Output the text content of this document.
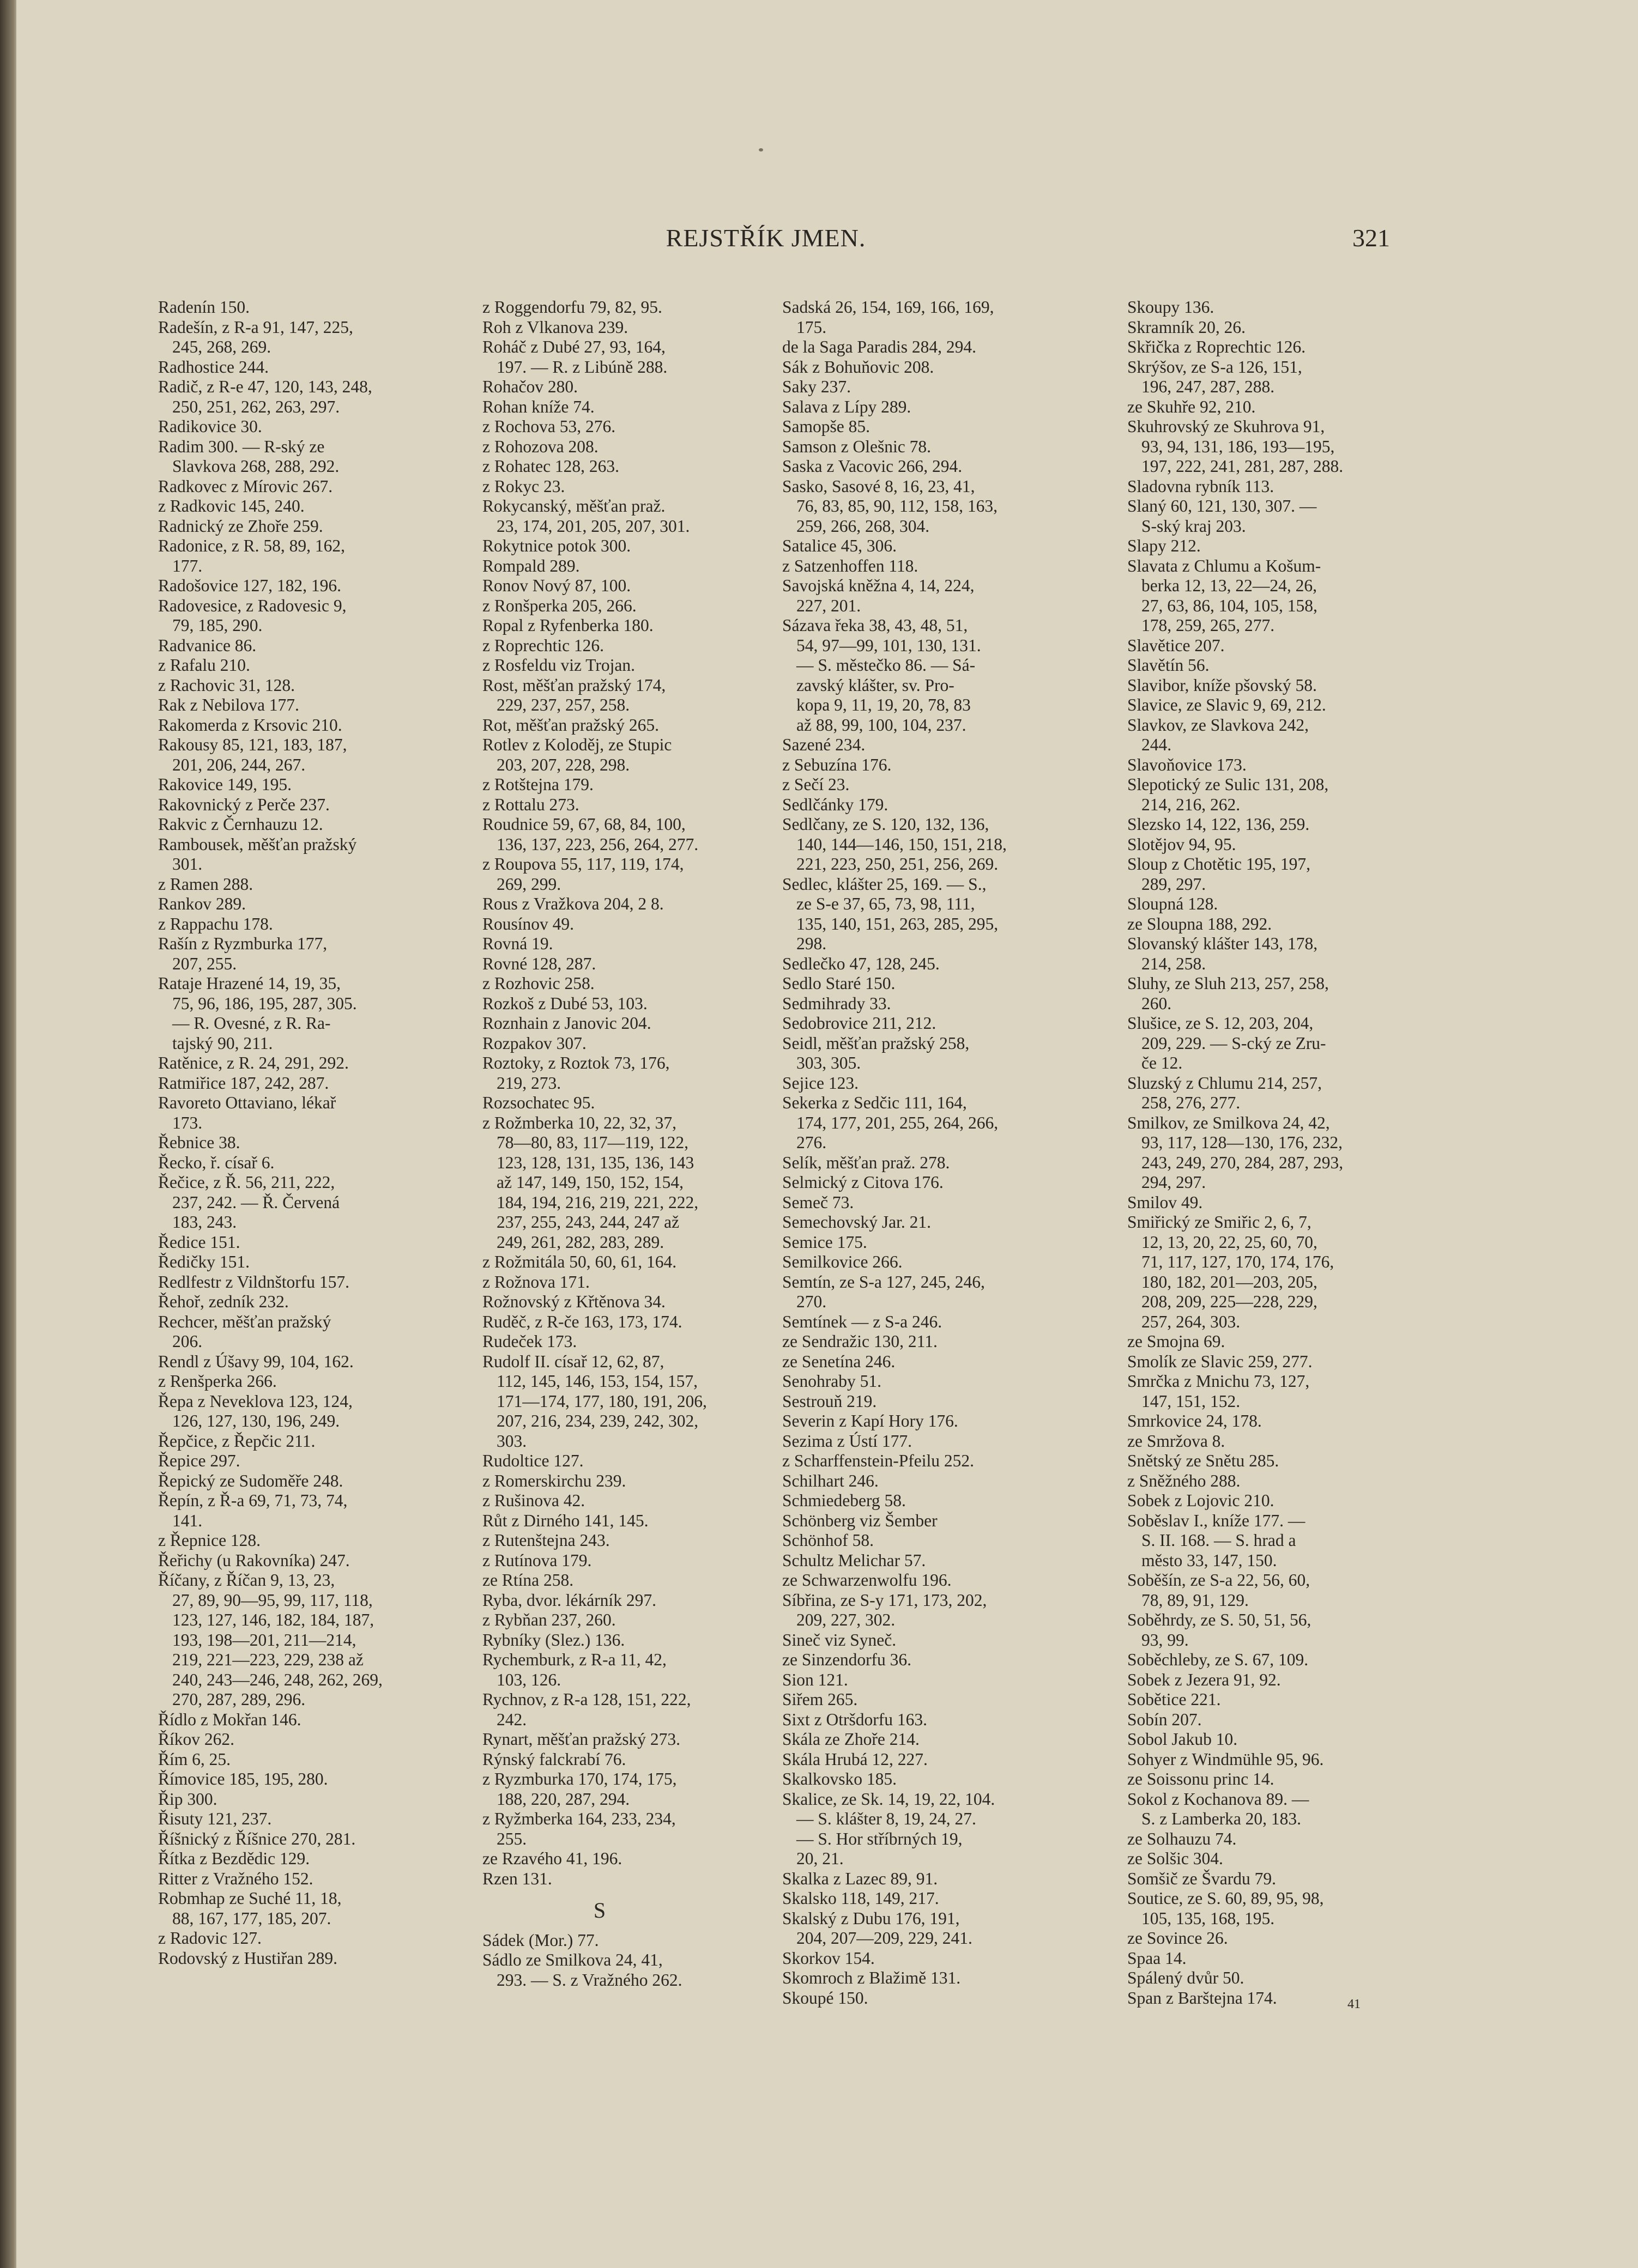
REJSTŘÍK JMEN.	321
Radenín 150.
Radešín, z R-a 91, 147, 225,
245, 268, 269.
Radhostice 244.
Radič, z R-e 47, 120, 143, 248,
250, 251, 262, 263, 297.
Radikovice 30.
Radim 300. — R-ský ze
Slavkova 268, 288, 292.
Radkovec z Mírovic 267.
z Radkovic 145, 240.
Radnický ze Zhoře 259.
Radonice, z R. 58, 89, 162,
177.
Radošovice 127, 182, 196.
Radovesice, z Radovesic 9,
79, 185, 290.
Radvanice 86.
z Rafalu 210.
z Rachovic 31, 128.
Rak z Nebilova 177.
Rakomerda z Krsovic 210.
Rakousy 85, 121, 183, 187,
201, 206, 244, 267.
Rakovice 149, 195.
Rakovnický z Perče 237.
Rakvic z Černhauzu 12.
Rambousek, měšťan pražský
301.
z Ramen 288.
Rankov 289.
z Rappachu 178.
Rašín z Ryzmburka 177,
207, 255.
Rataje Hrazené 14, 19, 35,
75, 96, 186, 195, 287, 305.
— R. Ovesné, z R. Ra-
tajský 90, 211.
Ratěnice, z R. 24, 291, 292.
Ratmiřice 187, 242, 287.
Ravoreto Ottaviano, lékař
173.
Řebnice 38.
Řecko, ř. císař 6.
Řečice, z Ř. 56, 211, 222,
237, 242. — Ř. Červená
183, 243.
Ředice 151.
Ředičky 151.
Redlfestr z Vildnštorfu 157.
Řehoř, zedník 232.
Rechcer, měšťan pražský
206.
Rendl z Úšavy 99, 104, 162.
z Renšperka 266.
Řepa z Neveklova 123, 124,
126, 127, 130, 196, 249.
Řepčice, z Řepčic 211.
Řepice 297.
Řepický ze Sudoměře 248.
Řepín, z Ř-a 69, 71, 73, 74,
141.
z Řepnice 128.
Řeřichy (u Rakovníka) 247.
Říčany, z Říčan 9, 13, 23,
27, 89, 90—95, 99, 117, 118,
123, 127, 146, 182, 184, 187,
193, 198—201, 211—214,
219, 221—223, 229, 238 až
240, 243—246, 248, 262, 269,
270, 287, 289, 296.
Řídlo z Mokřan 146.
Říkov 262.
Řím 6, 25.
Římovice 185, 195, 280.
Řip 300.
Řisuty 121, 237.
Říšnický z Říšnice 270, 281.
Řítka z Bezdědic 129.
Ritter z Vražného 152.
Robmhap ze Suché 11, 18,
88, 167, 177, 185, 207.
z Radovic 127.
Rodovský z Hustiřan 289.
z Roggendorfu 79, 82, 95.
Roh z Vlkanova 239.
Roháč z Dubé 27, 93, 164,
197. — R. z Libúně 288.
Rohačov 280.
Rohan kníže 74.
z Rochova 53, 276.
z Rohozova 208.
z Rohatec 128, 263.
z Rokyc 23.
Rokycanský, měšťan praž.
23, 174, 201, 205, 207, 301.
Rokytnice potok 300.
Rompald 289.
Ronov Nový 87, 100.
z Ronšperka 205, 266.
Ropal z Ryfenberka 180.
z Roprechtic 126.
z Rosfeldu viz Trojan.
Rost, měšťan pražský 174,
229, 237, 257, 258.
Rot, měšťan pražský 265.
Rotlev z Koloděj, ze Stupic
203, 207, 228, 298.
z Rotštejna 179.
z Rottalu 273.
Roudnice 59, 67, 68, 84, 100,
136, 137, 223, 256, 264, 277.
z Roupova 55, 117, 119, 174,
269, 299.
Rous z Vražkova 204, 2 8.
Rousínov 49.
Rovná 19.
Rovné 128, 287.
z Rozhovic 258.
Rozkoš z Dubé 53, 103.
Roznhain z Janovic 204.
Rozpakov 307.
Roztoky, z Roztok 73, 176,
219, 273.
Rozsochatec 95.
z Rožmberka 10, 22, 32, 37,
78—80, 83, 117—119, 122,
123, 128, 131, 135, 136, 143
až 147, 149, 150, 152, 154,
184, 194, 216, 219, 221, 222,
237, 255, 243, 244, 247 až
249, 261, 282, 283, 289.
z Rožmitála 50, 60, 61, 164.
z Rožnova 171.
Rožnovský z Křtěnova 34.
Ruděč, z R-če 163, 173, 174.
Rudeček 173.
Rudolf II. císař 12, 62, 87,
112, 145, 146, 153, 154, 157,
171—174, 177, 180, 191, 206,
207, 216, 234, 239, 242, 302,
303.
Rudoltice 127.
z Romerskirchu 239.
z Rušinova 42.
Růt z Dirného 141, 145.
z Rutenštejna 243.
z Rutínova 179.
ze Rtína 258.
Ryba, dvor. lékárník 297.
z Rybňan 237, 260.
Rybníky (Slez.) 136.
Rychemburk, z R-a 11, 42,
103, 126.
Rychnov, z R-a 128, 151, 222,
242.
Rynart, měšťan pražský 273.
Rýnský falckrabí 76.
z Ryzmburka 170, 174, 175,
188, 220, 287, 294.
z Ryžmberka 164, 233, 234,
255.
ze Rzavého 41, 196.
Rzen 131.
S
Sádek (Mor.) 77.
Sádlo ze Smilkova 24, 41,
293. — S. z Vražného 262.
Sadská 26, 154, 169, 166, 169,
175.
de la Saga Paradis 284, 294.
Sák z Bohuňovic 208.
Saky 237.
Salava z Lípy 289.
Samopše 85.
Samson z Olešnic 78.
Saska z Vacovic 266, 294.
Sasko, Sasové 8, 16, 23, 41,
76, 83, 85, 90, 112, 158, 163,
259, 266, 268, 304.
Satalice 45, 306.
z Satzenhoffen 118.
Savojská kněžna 4, 14, 224,
227, 201.
Sázava řeka 38, 43, 48, 51,
54, 97—99, 101, 130, 131.
— S. městečko 86. — Sá-
zavský klášter, sv. Pro-
kopa 9, 11, 19, 20, 78, 83
až 88, 99, 100, 104, 237.
Sazené 234.
z Sebuzína 176.
z Sečí 23.
Sedlčánky 179.
Sedlčany, ze S. 120, 132, 136,
140, 144—146, 150, 151, 218,
221, 223, 250, 251, 256, 269.
Sedlec, klášter 25, 169. — S.,
ze S-e 37, 65, 73, 98, 111,
135, 140, 151, 263, 285, 295,
298.
Sedlečko 47, 128, 245.
Sedlo Staré 150.
Sedmihrady 33.
Sedobrovice 211, 212.
Seidl, měšťan pražský 258,
303, 305.
Sejice 123.
Sekerka z Sedčic 111, 164,
174, 177, 201, 255, 264, 266,
276.
Selík, měšťan praž. 278.
Selmický z Citova 176.
Semeč 73.
Semechovský Jar. 21.
Semice 175.
Semilkovice 266.
Semtín, ze S-a 127, 245, 246,
270.
Semtínek — z S-a 246.
ze Sendražic 130, 211.
ze Senetína 246.
Senohraby 51.
Sestrouň 219.
Severin z Kapí Hory 176.
Sezima z Ústí 177.
z Scharffenstein-Pfeilu 252.
Schilhart 246.
Schmiedeberg 58.
Schönberg viz Šember
Schönhof 58.
Schultz Melichar 57.
ze Schwarzenwolfu 196.
Síbřina, ze S-y 171, 173, 202,
209, 227, 302.
Sineč viz Syneč.
ze Sinzendorfu 36.
Sion 121.
Siřem 265.
Sixt z Otršdorfu 163.
Skála ze Zhoře 214.
Skála Hrubá 12, 227.
Skalkovsko 185.
Skalice, ze Sk. 14, 19, 22, 104.
— S. klášter 8, 19, 24, 27.
— S. Hor stříbrných 19,
20, 21.
Skalka z Lazec 89, 91.
Skalsko 118, 149, 217.
Skalský z Dubu 176, 191,
204, 207—209, 229, 241.
Skorkov 154.
Skomroch z Blažimě 131.
Skoupé 150.
Skoupy 136.
Skramník 20, 26.
Skřička z Roprechtic 126.
Skrýšov, ze S-a 126, 151,
196, 247, 287, 288.
ze Skuhře 92, 210.
Skuhrovský ze Skuhrova 91,
93, 94, 131, 186, 193—195,
197, 222, 241, 281, 287, 288.
Sladovna rybník 113.
Slaný 60, 121, 130, 307. —
S-ský kraj 203.
Slapy 212.
Slavata z Chlumu a Košum-
berka 12, 13, 22—24, 26,
27, 63, 86, 104, 105, 158,
178, 259, 265, 277.
Slavětice 207.
Slavětín 56.
Slavibor, kníže pšovský 58.
Slavice, ze Slavic 9, 69, 212.
Slavkov, ze Slavkova 242,
244.
Slavoňovice 173.
Slepotický ze Sulic 131, 208,
214, 216, 262.
Slezsko 14, 122, 136, 259.
Slotějov 94, 95.
Sloup z Chotětic 195, 197,
289, 297.
Sloupná 128.
ze Sloupna 188, 292.
Slovanský klášter 143, 178,
214, 258.
Sluhy, ze Sluh 213, 257, 258,
260.
Slušice, ze S. 12, 203, 204,
209, 229. — S-cký ze Zru-
če 12.
Sluzský z Chlumu 214, 257,
258, 276, 277.
Smilkov, ze Smilkova 24, 42,
93, 117, 128—130, 176, 232,
243, 249, 270, 284, 287, 293,
294, 297.
Smilov 49.
Smiřický ze Smiřic 2, 6, 7,
12, 13, 20, 22, 25, 60, 70,
71, 117, 127, 170, 174, 176,
180, 182, 201—203, 205,
208, 209, 225—228, 229,
257, 264, 303.
ze Smojna 69.
Smolík ze Slavic 259, 277.
Smrčka z Mnichu 73, 127,
147, 151, 152.
Smrkovice 24, 178.
ze Smržova 8.
Snětský ze Snětu 285.
z Sněžného 288.
Sobek z Lojovic 210.
Soběslav I., kníže 177. —
S. II. 168. — S. hrad a
město 33, 147, 150.
Soběšín, ze S-a 22, 56, 60,
78, 89, 91, 129.
Soběhrdy, ze S. 50, 51, 56,
93, 99.
Soběchleby, ze S. 67, 109.
Sobek z Jezera 91, 92.
Sobětice 221.
Sobín 207.
Sobol Jakub 10.
Sohyer z Windmühle 95, 96.
ze Soissonu princ 14.
Sokol z Kochanova 89. —
S. z Lamberka 20, 183.
ze Solhauzu 74.
ze Solšic 304.
Somšič ze Švardu 79.
Soutice, ze S. 60, 89, 95, 98,
105, 135, 168, 195.
ze Sovince 26.
Spaa 14.
Spálený dvůr 50.
Span z Barštejna 174.	41
